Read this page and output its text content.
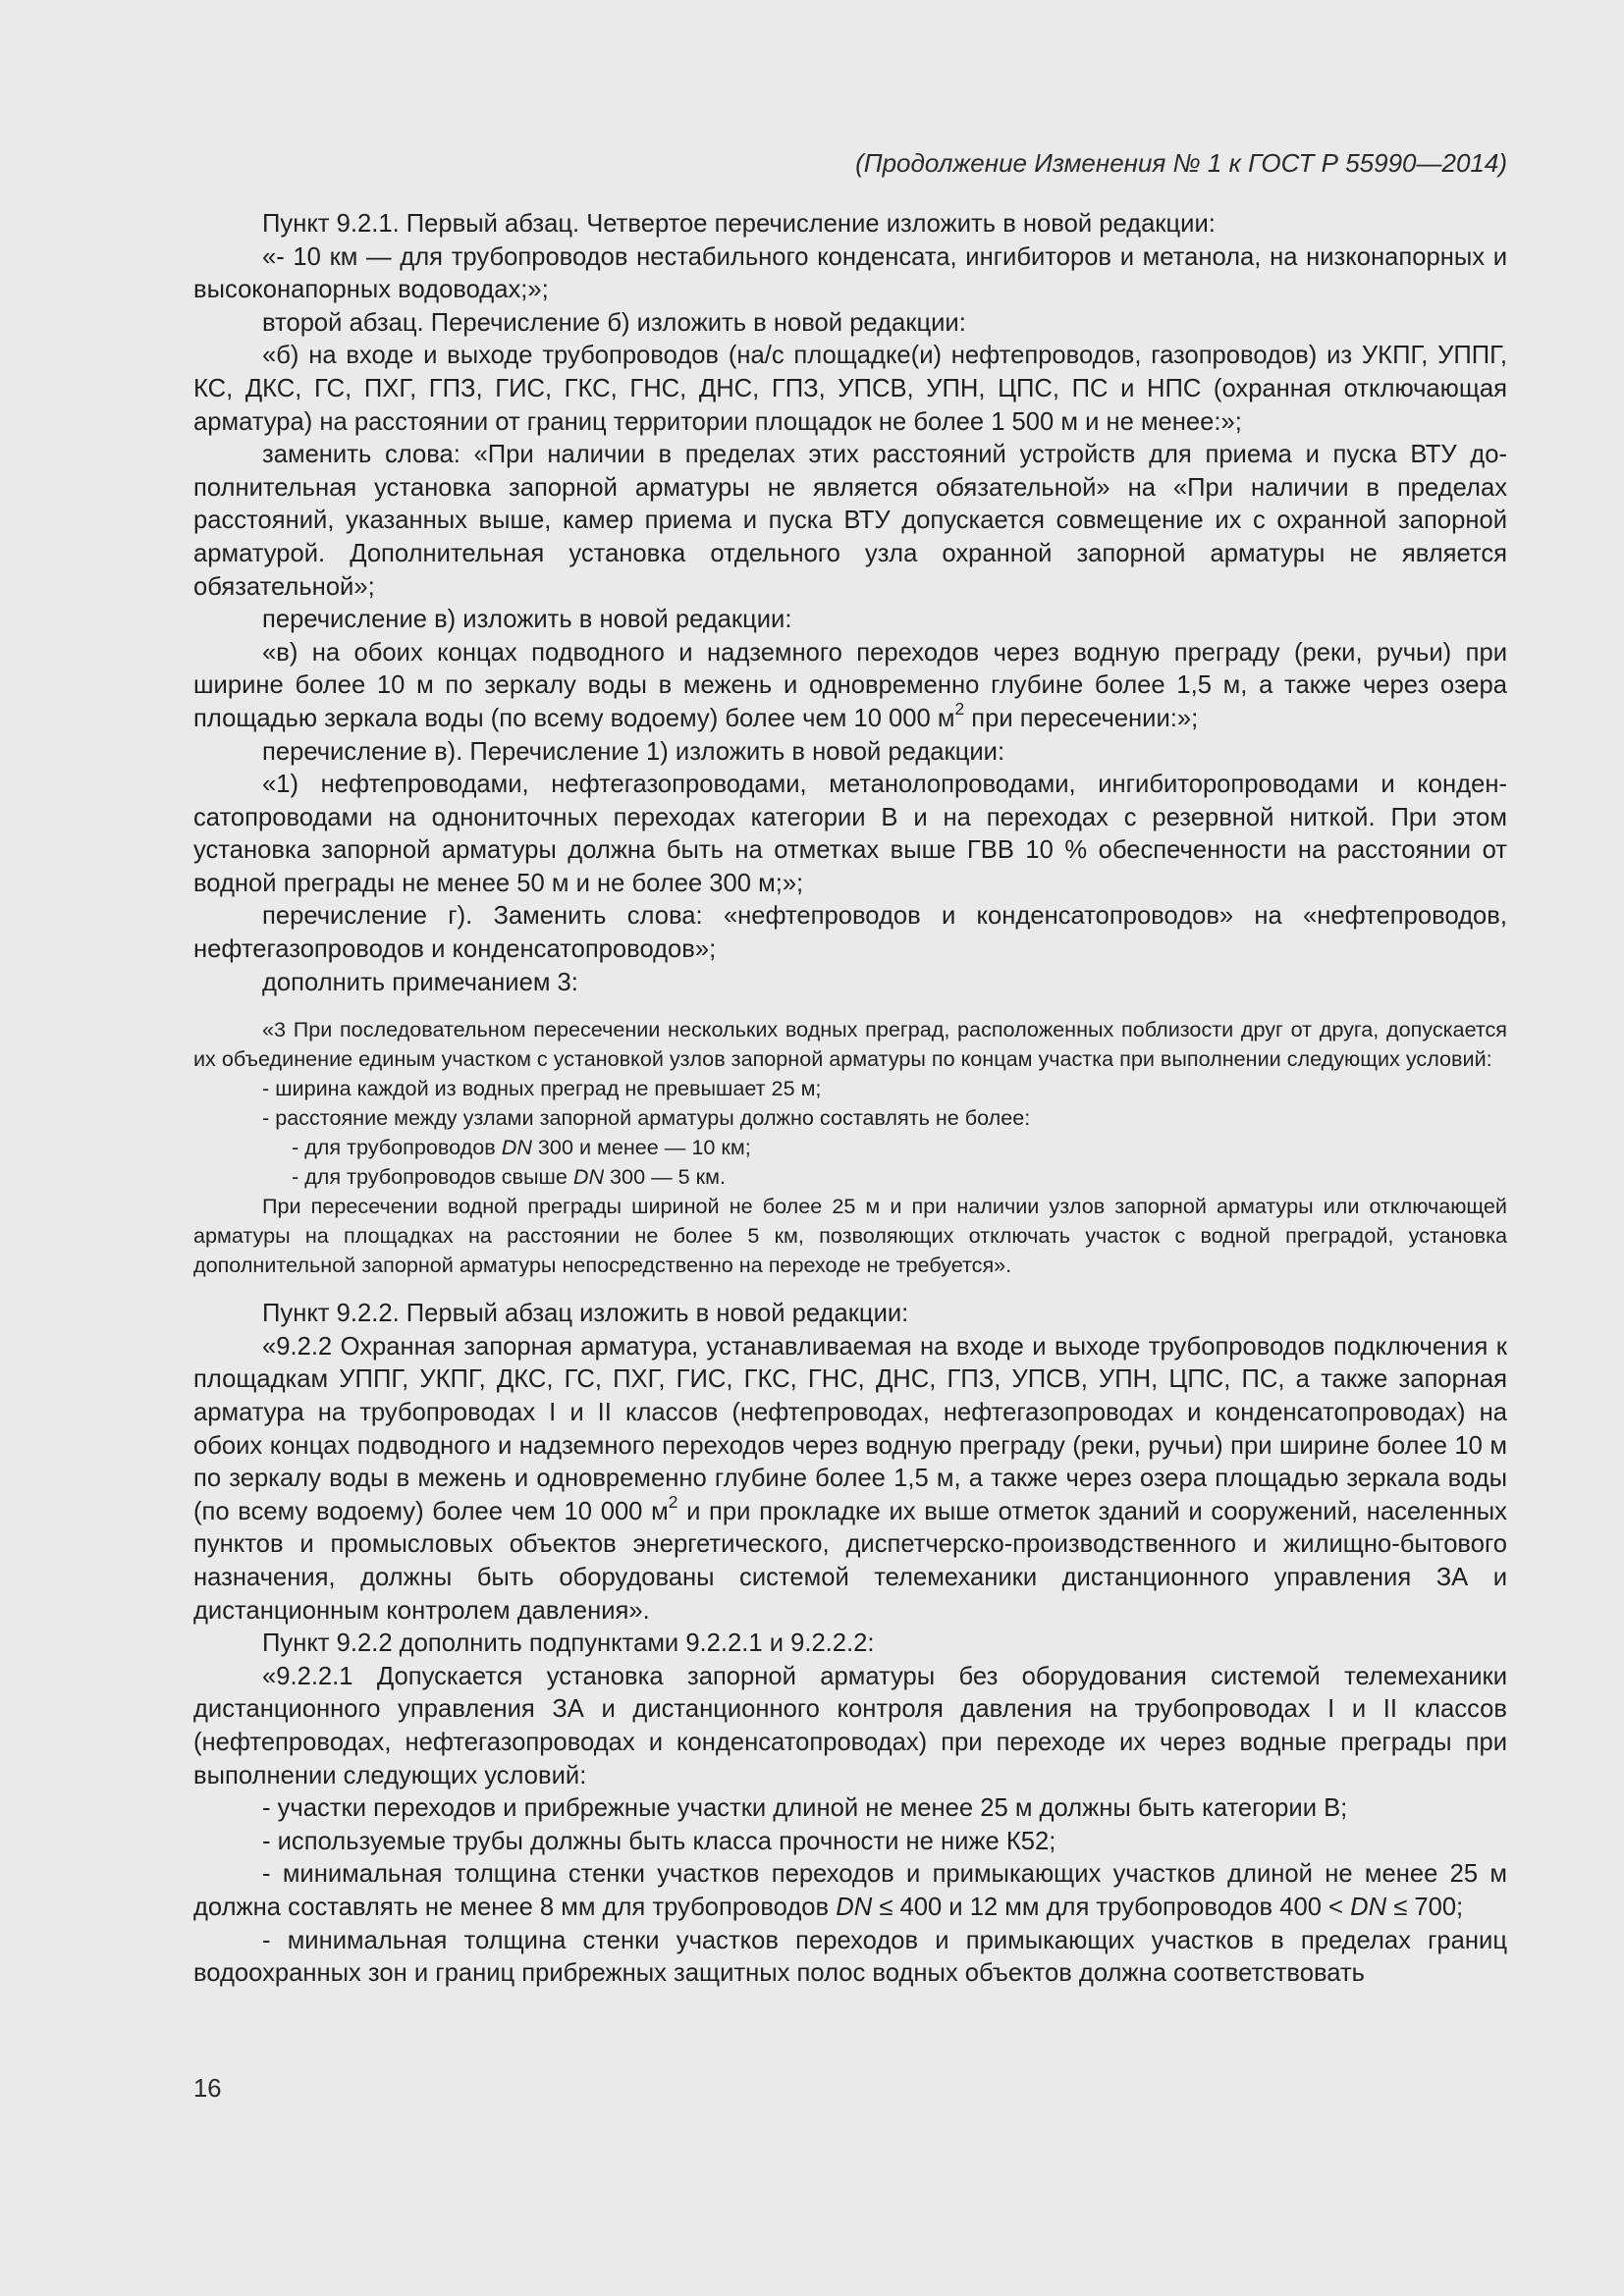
(Продолжение Изменения № 1 к ГОСТ Р 55990—2014)

Пункт 9.2.1. Первый абзац. Четвертое перечисление изложить в новой редакции:

«- 10 км — для трубопроводов нестабильного конденсата, ингибиторов и метанола, на низконапорных и высоконапорных водоводах;»;

второй абзац. Перечисление б) изложить в новой редакции:

«б) на входе и выходе трубопроводов (на/с площадке(и) нефтепроводов, газопроводов) из УКПГ, УППГ, КС, ДКС, ГС, ПХГ, ГПЗ, ГИС, ГКС, ГНС, ДНС, ГПЗ, УПСВ, УПН, ЦПС, ПС и НПС (охранная отключающая арматура) на расстоянии от границ территории площадок не более 1 500 м и не менее:»;

заменить слова: «При наличии в пределах этих расстояний устройств для приема и пуска ВТУ дополнительная установка запорной арматуры не является обязательной» на «При наличии в пределах расстояний, указанных выше, камер приема и пуска ВТУ допускается совмещение их с охранной запорной арматурой. Дополнительная установка отдельного узла охранной запорной арматуры не является обязательной»;

перечисление в) изложить в новой редакции:

«в) на обоих концах подводного и надземного переходов через водную преграду (реки, ручьи) при ширине более 10 м по зеркалу воды в межень и одновременно глубине более 1,5 м, а также через озера площадью зеркала воды (по всему водоему) более чем 10 000 $м^2$ при пересечении:»;

перечисление в). Перечисление 1) изложить в новой редакции:

«1) нефтепроводами, нефтегазопроводами, метанолопроводами, ингибиторопроводами и конденсатопроводами на однониточных переходах категории В и на переходах с резервной ниткой. При этом установка запорной арматуры должна быть на отметках выше ГВВ 10 % обеспеченности на расстоянии от водной преграды не менее 50 м и не более 300 м;»;

перечисление г). Заменить слова: «нефтепроводов и конденсатопроводов» на «нефтепроводов, нефтегазопроводов и конденсатопроводов»;

дополнить примечанием 3:

«3 При последовательном пересечении нескольких водных преград, расположенных поблизости друг от друга, допускается их объединение единым участком с установкой узлов запорной арматуры по концам участка при выполнении следующих условий:

- ширина каждой из водных преград не превышает 25 м;

- расстояние между узлами запорной арматуры должно составлять не более:

- для трубопроводов DN 300 и менее — 10 км;

- для трубопроводов свыше DN 300 — 5 км.

При пересечении водной преграды шириной не более 25 м и при наличии узлов запорной арматуры или отключающей арматуры на площадках на расстоянии не более 5 км, позволяющих отключать участок с водной преградой, установка дополнительной запорной арматуры непосредственно на переходе не требуется».

Пункт 9.2.2. Первый абзац изложить в новой редакции:

«9.2.2 Охранная запорная арматура, устанавливаемая на входе и выходе трубопроводов подключения к площадкам УППГ, УКПГ, ДКС, ГС, ПХГ, ГИС, ГКС, ГНС, ДНС, ГПЗ, УПСВ, УПН, ЦПС, ПС, а также запорная арматура на трубопроводах I и II классов (нефтепроводах, нефтегазопроводах и конденсатопроводах) на обоих концах подводного и надземного переходов через водную преграду (реки, ручьи) при ширине более 10 м по зеркалу воды в межень и одновременно глубине более 1,5 м, а также через озера площадью зеркала воды (по всему водоему) более чем 10 000 $м^2$ и при прокладке их выше отметок зданий и сооружений, населенных пунктов и промысловых объектов энергетического, диспетчерско-производственного и жилищно-бытового назначения, должны быть оборудованы системой телемеханики дистанционного управления ЗА и дистанционным контролем давления».

Пункт 9.2.2 дополнить подпунктами 9.2.2.1 и 9.2.2.2:

«9.2.2.1 Допускается установка запорной арматуры без оборудования системой телемеханики дистанционного управления ЗА и дистанционного контроля давления на трубопроводах I и II классов (нефтепроводах, нефтегазопроводах и конденсатопроводах) при переходе их через водные преграды при выполнении следующих условий:

- участки переходов и прибрежные участки длиной не менее 25 м должны быть категории В;

- используемые трубы должны быть класса прочности не ниже К52;

- минимальная толщина стенки участков переходов и примыкающих участков длиной не менее 25 м должна составлять не менее 8 мм для трубопроводов DN ≤ 400 и 12 мм для трубопроводов 400 < DN ≤ 700;

- минимальная толщина стенки участков переходов и примыкающих участков в пределах границ водоохранных зон и границ прибрежных защитных полос водных объектов должна соответствовать

16
